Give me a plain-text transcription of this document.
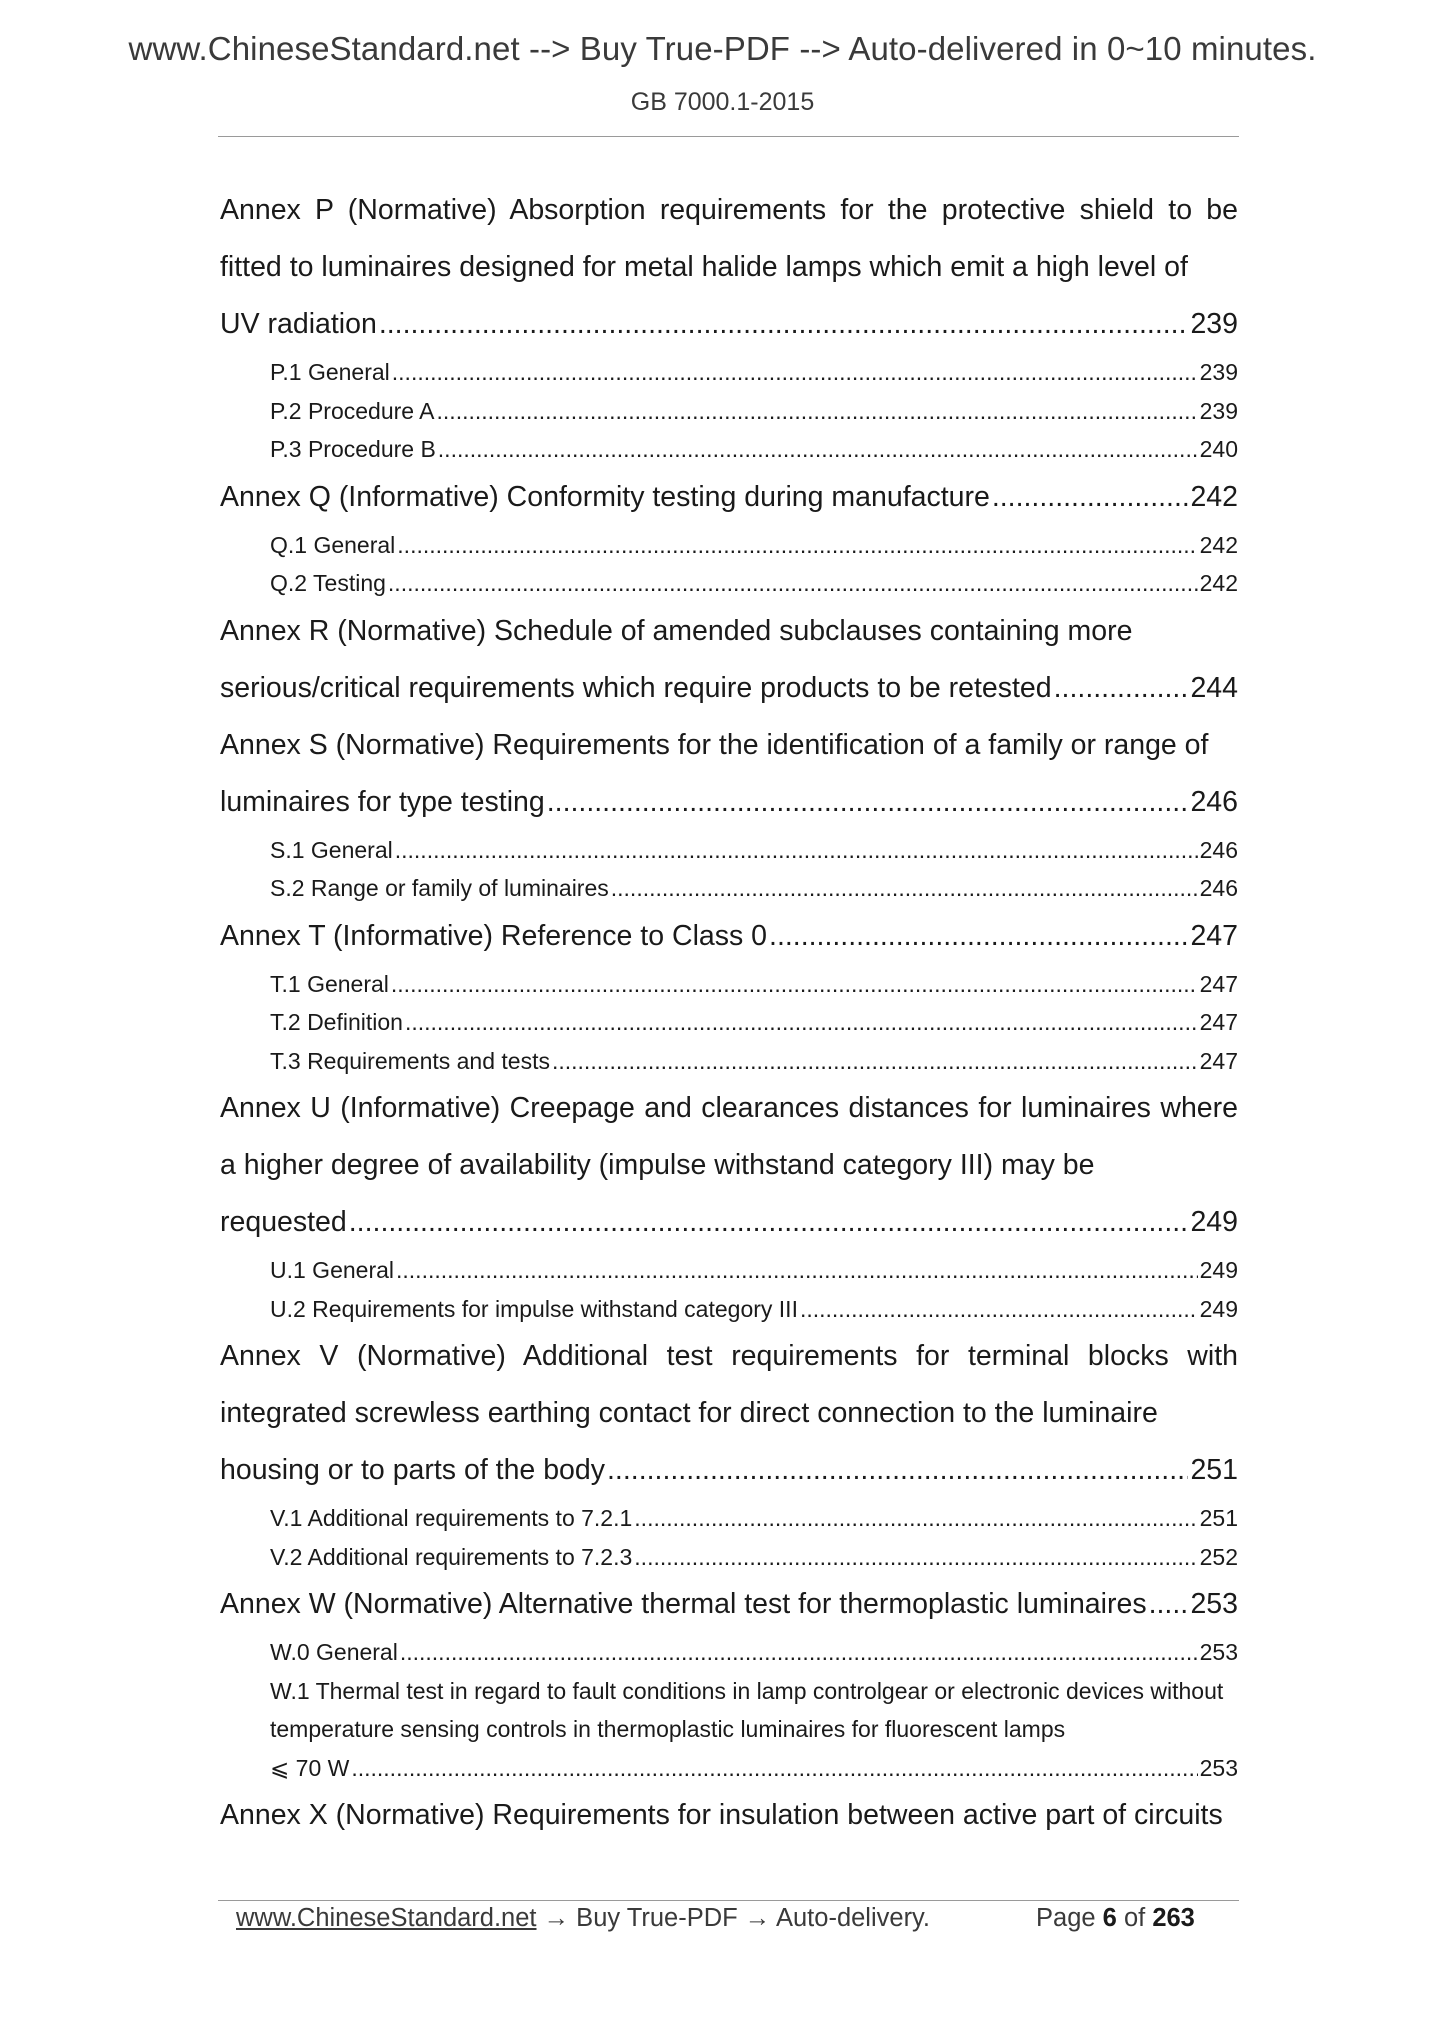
www.ChineseStandard.net --> Buy True-PDF --> Auto-delivered in 0~10 minutes.
GB 7000.1-2015
Annex P (Normative) Absorption requirements for the protective shield to be fitted to luminaires designed for metal halide lamps which emit a high level of
UV radiation .....	239
P.1 General .....	239
P.2 Procedure A .....	239
P.3 Procedure B .....	240
Annex Q (Informative) Conformity testing during manufacture .....	242
Q.1 General .....	242
Q.2 Testing .....	242
Annex R (Normative) Schedule of amended subclauses containing more
serious/critical requirements which require products to be retested .....	244
Annex S (Normative) Requirements for the identification of a family or range of
luminaires for type testing .....	246
S.1 General .....	246
S.2 Range or family of luminaires .....	246
Annex T (Informative) Reference to Class 0 .....	247
T.1 General .....	247
T.2 Definition .....	247
T.3 Requirements and tests .....	247
Annex U (Informative) Creepage and clearances distances for luminaires where a higher degree of availability (impulse withstand category III) may be
requested .....	249
U.1 General .....	249
U.2 Requirements for impulse withstand category III .....	249
Annex V (Normative) Additional test requirements for terminal blocks with integrated screwless earthing contact for direct connection to the luminaire
housing or to parts of the body .....	251
V.1 Additional requirements to 7.2.1 .....	251
V.2 Additional requirements to 7.2.3 .....	252
Annex W (Normative) Alternative thermal test for thermoplastic luminaires ..... 253
W.0 General .....	253
W.1 Thermal test in regard to fault conditions in lamp controlgear or electronic devices without temperature sensing controls in thermoplastic luminaires for fluorescent lamps
⩽ 70 W .....	253
Annex X (Normative) Requirements for insulation between active part of circuits
www.ChineseStandard.net → Buy True-PDF → Auto-delivery.	Page 6 of 263
